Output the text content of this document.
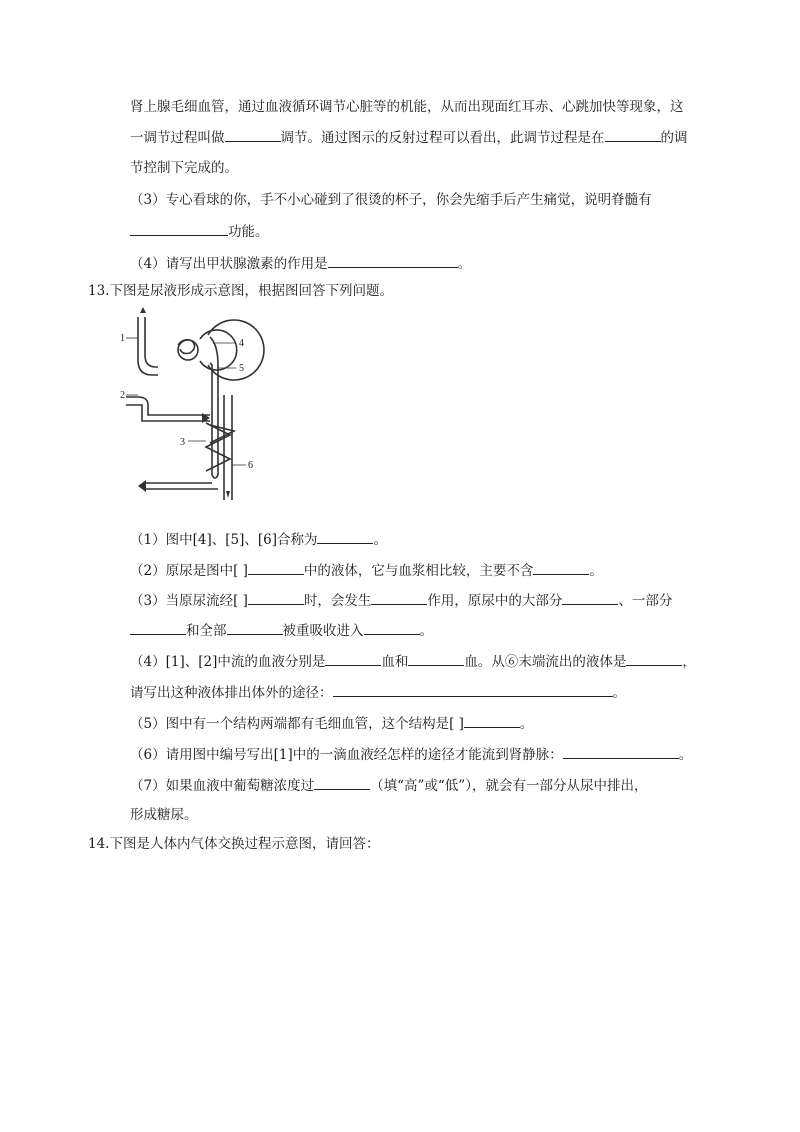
肾上腺毛细血管，通过血液循环调节心脏等的机能，从而出现面红耳赤、心跳加快等现象，这
一调节过程叫做	调节。通过图示的反射过程可以看出，此调节过程是在	的调
节控制下完成的。
（3）专心看球的你，手不小心碰到了很烫的杯子，你会先缩手后产生痛觉，说明脊髓有
功能。
（4）请写出甲状腺激素的作用是	。
13.下图是尿液形成示意图，根据图回答下列问题。
1
2
3
4
5
6
（1）图中[4]、[5]、[6]合称为	。
（2）原尿是图中[ ]	中的液体，它与血浆相比较，主要不含	。
（3）当原尿流经[ ]	时，会发生	作用，原尿中的大部分	、一部分
和全部	被重吸收进入	。
（4）[1]、[2]中流的血液分别是	血和	血。从⑥末端流出的液体是	，
请写出这种液体排出体外的途径：	。
（5）图中有一个结构两端都有毛细血管，这个结构是[ ]	。
（6）请用图中编号写出[1]中的一滴血液经怎样的途径才能流到肾静脉：	。
（7）如果血液中葡萄糖浓度过	（填“高”或“低”），就会有一部分从尿中排出，
形成糖尿。
14.下图是人体内气体交换过程示意图，请回答：
